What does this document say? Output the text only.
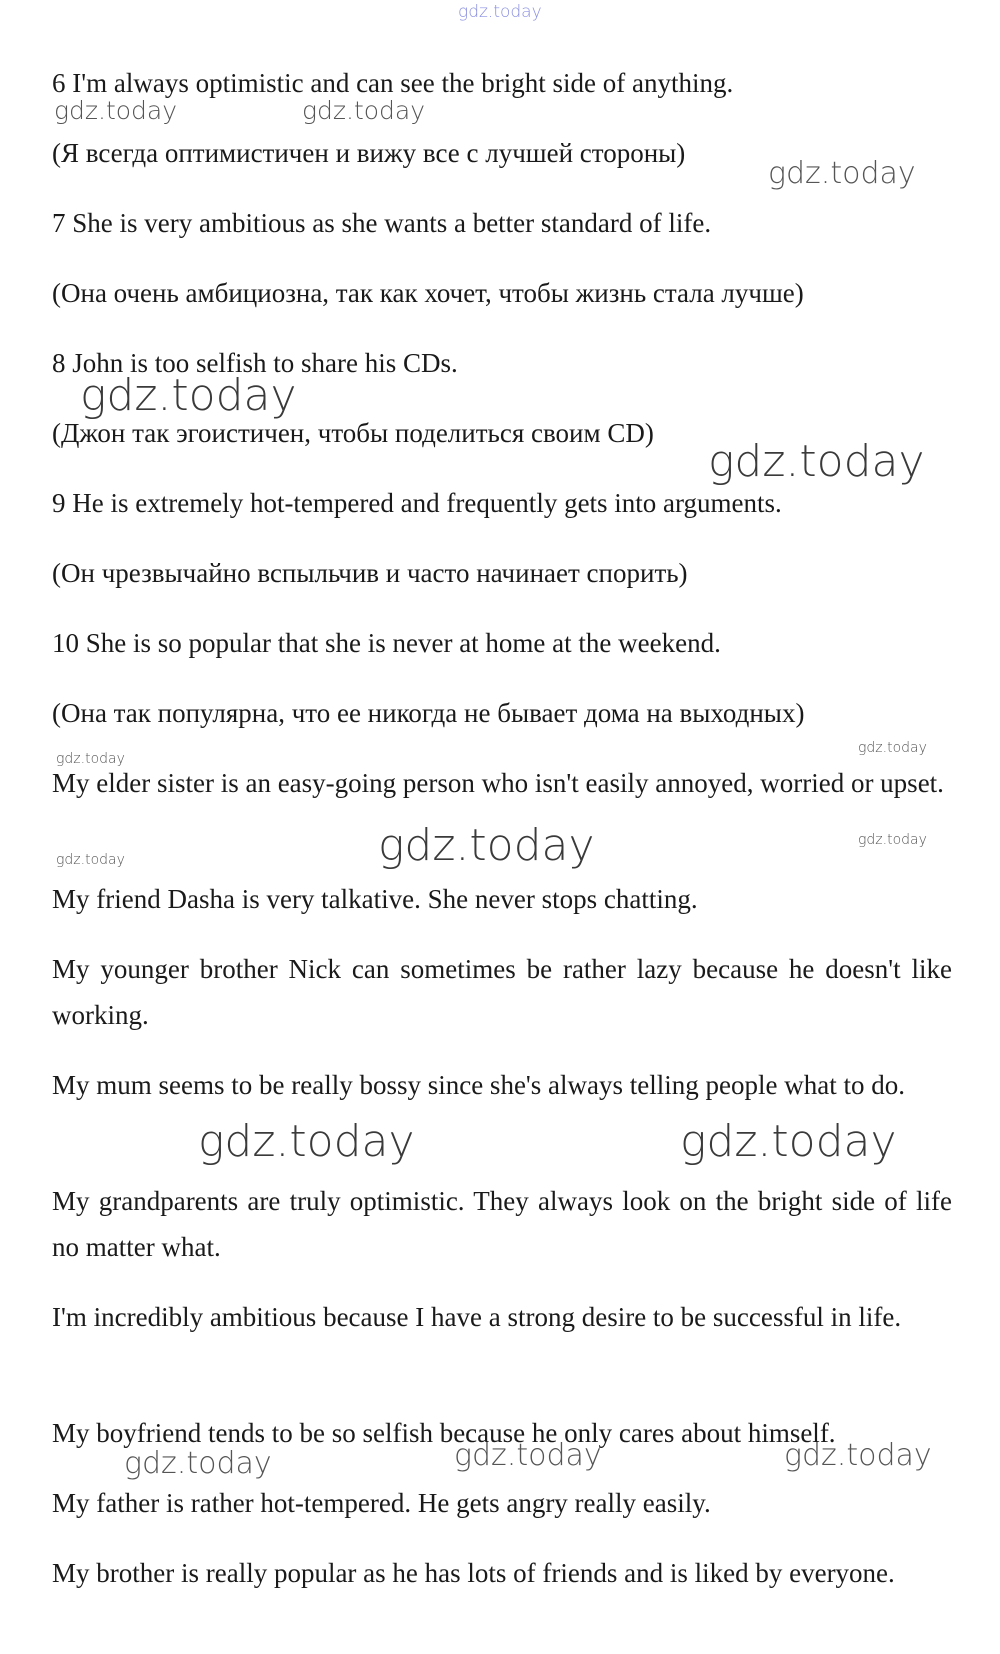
gdz.today
6 I'm always optimistic and can see the bright side of anything.
(Я всегда оптимистичен и вижу все с лучшей стороны)
7 She is very ambitious as she wants a better standard of life.
(Она очень амбициозна, так как хочет, чтобы жизнь стала лучше)
8 John is too selfish to share his CDs.
(Джон так эгоистичен, чтобы поделиться своим CD)
9 He is extremely hot-tempered and frequently gets into arguments.
(Он чрезвычайно вспыльчив и часто начинает спорить)
10 She is so popular that she is never at home at the weekend.
(Она так популярна, что ее никогда не бывает дома на выходных)
My elder sister is an easy-going person who isn't easily annoyed, worried or upset.
My friend Dasha is very talkative. She never stops chatting.
My younger brother Nick can sometimes be rather lazy because he doesn't like working.
My mum seems to be really bossy since she's always telling people what to do.
My grandparents are truly optimistic. They always look on the bright side of life no matter what.
I'm incredibly ambitious because I have a strong desire to be successful in life.
My boyfriend tends to be so selfish because he only cares about himself.
My father is rather hot-tempered. He gets angry really easily.
My brother is really popular as he has lots of friends and is liked by everyone.
gdz.today	gdz.today
gdz.today
gdz.today
gdz.today
gdz.today
gdz.today
gdz.today	gdz.today
gdz.today
gdz.today	gdz.today
gdz.today	gdz.today	gdz.today
